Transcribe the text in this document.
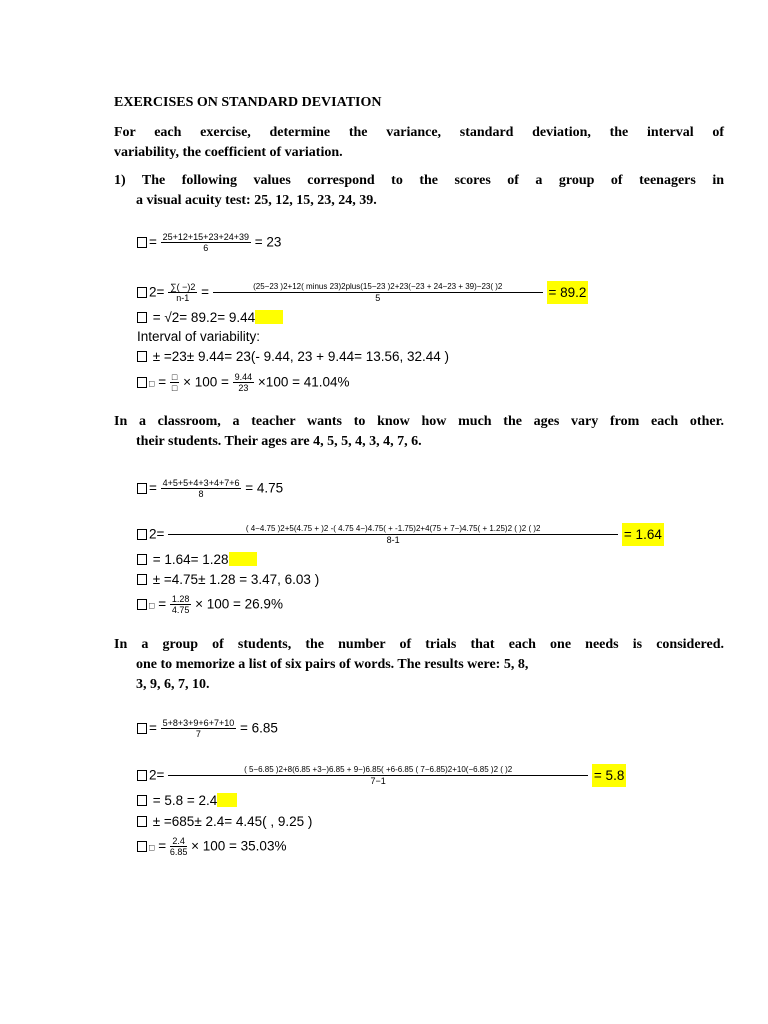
EXERCISES ON STANDARD DEVIATION
For each exercise, determine the variance, standard deviation, the interval of
variability, the coefficient of variation.
1) The following values correspond to the scores of a group of teenagers in
a visual acuity test: 25, 12, 15, 23, 24, 39.
= $\frac{25+12+15+23+24+39}{6} = 23$
$2= \frac{\sum( -)2}{n-1}$ =	(25−23 )2+12( minus 23)2plus(15−23 )2+23(−23 + 24−23 + 39)−23( )2
5	= 89.2
= √2= 89.2= 9.44
Interval of variability:
± =23± 9.44= 23(- 9.44, 23 + 9.44= 13.56, 32.44 )
□ = $\frac{□}{□} \times 100 = \frac{9.44}{23} \times 100 = 41.04\%$
In a classroom, a teacher wants to know how much the ages vary from each other.
their students. Their ages are 4, 5, 5, 4, 3, 4, 7, 6.
= $\frac{4+5+5+4+3+4+7+6}{8} = 4.75$
2=	( 4−4.75 )2+5(4.75 + )2 -( 4.75 4−)4.75( + -1.75)2+4(75 + 7−)4.75( + 1.25)2 ( )2 ( )2
8-1	= 1.64
= 1.64= 1.28
± =4.75± 1.28 = 3.47, 6.03 )
□ = $\frac{1.28}{4.75} \times 100 = 26.9\%$
In a group of students, the number of trials that each one needs is considered.
one to memorize a list of six pairs of words. The results were: 5, 8,
3, 9, 6, 7, 10.
= $\frac{5+8+3+9+6+7+10}{7} = 6.85$
2=	( 5−6.85 )2+8(6.85 +3−)6.85 + 9−)6.85( +6-6.85 ( 7−6.85)2+10(−6.85 )2 ( )2
7−1	= 5.8
= 5.8 = 2.4
± =685± 2.4= 4.45( , 9.25 )
□ = $\frac{2.4}{6.85} \times 100 = 35.03\%$
